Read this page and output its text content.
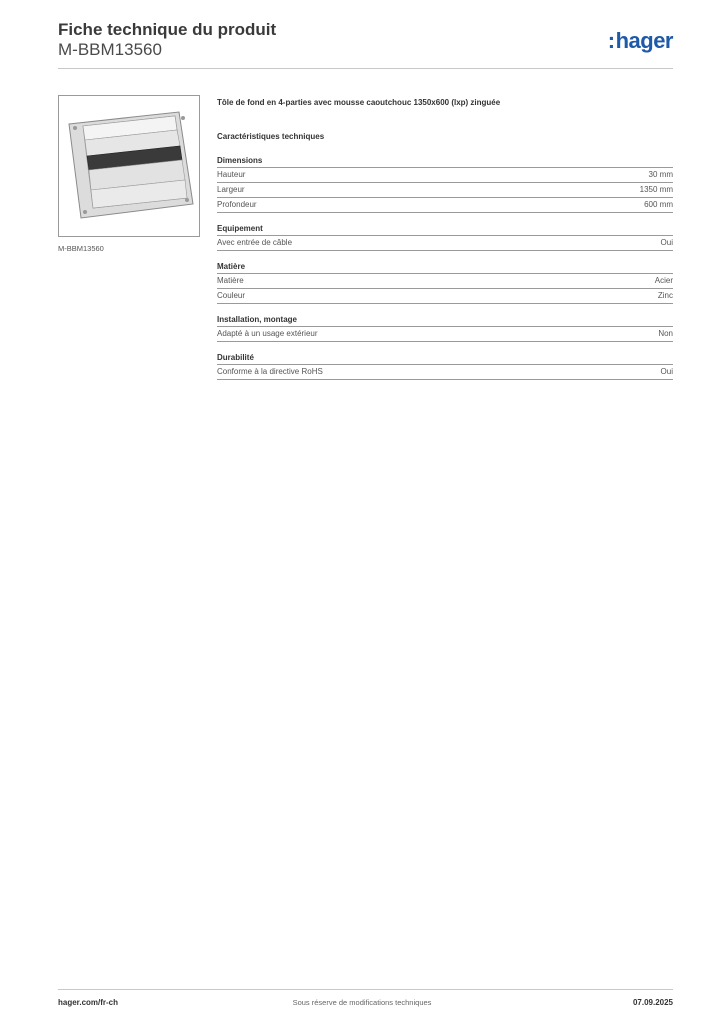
Fiche technique du produit
M-BBM13560	:hager
M-BBM13560
Tôle de fond en 4-parties avec mousse caoutchouc 1350x600 (lxp) zinguée
Caractéristiques techniques
Dimensions
Hauteur	30 mm
Largeur	1350 mm
Profondeur	600 mm
Equipement
Avec entrée de câble	Oui
Matière
Matière	Acier
Couleur	Zinc
Installation, montage
Adapté à un usage extérieur	Non
Durabilité
Conforme à la directive RoHS	Oui
hager.com/fr-ch	Sous réserve de modifications techniques	07.09.2025
